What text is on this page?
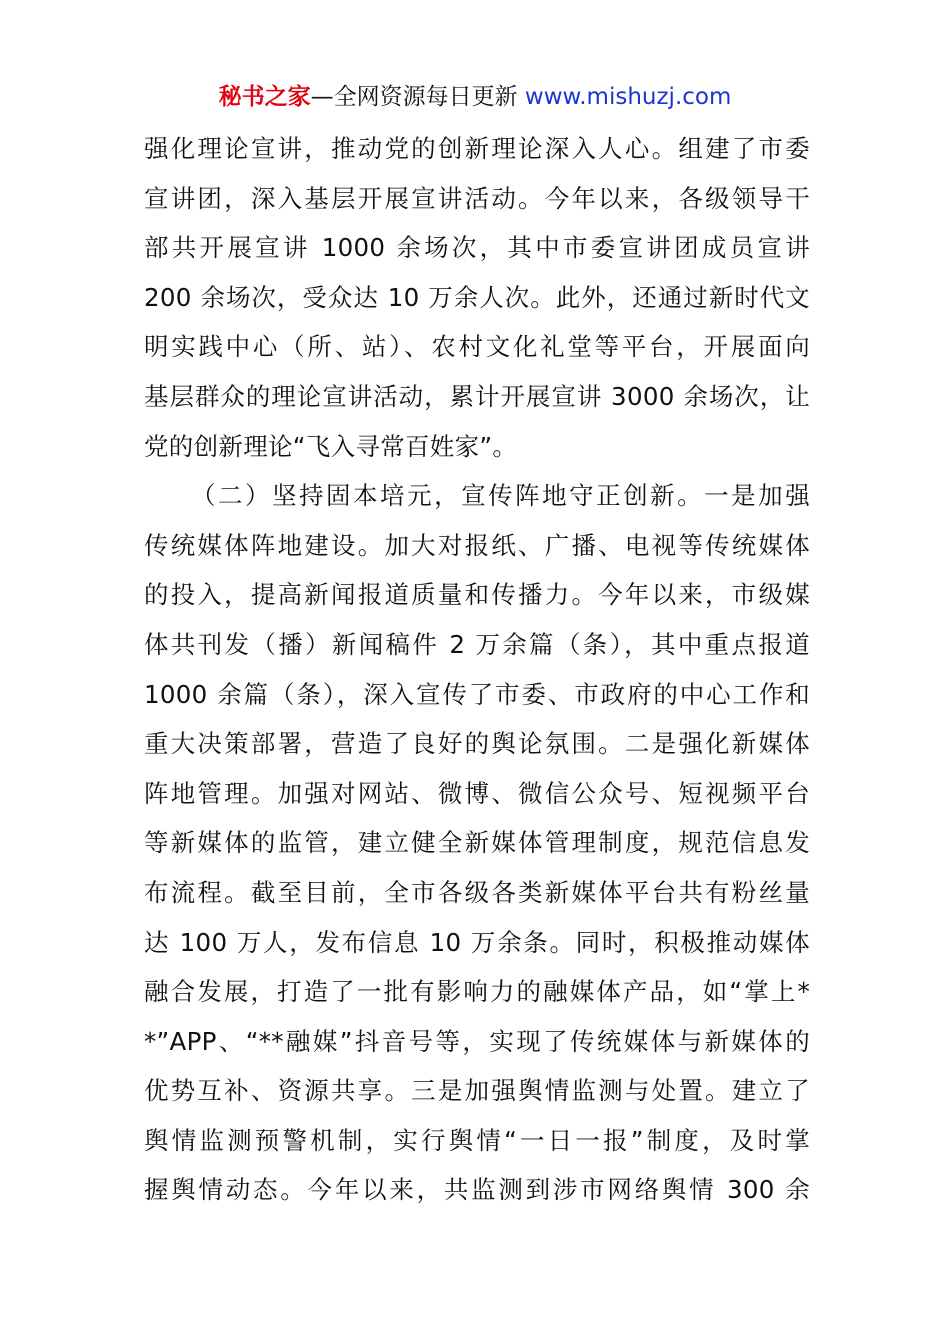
秘书之家—全网资源每日更新 www.mishuzj.com
强化理论宣讲，推动党的创新理论深入人心。组建了市委
宣讲团，深入基层开展宣讲活动。今年以来，各级领导干
部共开展宣讲 1000 余场次，其中市委宣讲团成员宣讲
200 余场次，受众达 10 万余人次。此外，还通过新时代文
明实践中心（所、站）、农村文化礼堂等平台，开展面向
基层群众的理论宣讲活动，累计开展宣讲 3000 余场次，让
党的创新理论“飞入寻常百姓家”。
（二）坚持固本培元，宣传阵地守正创新。一是加强
传统媒体阵地建设。加大对报纸、广播、电视等传统媒体
的投入，提高新闻报道质量和传播力。今年以来，市级媒
体共刊发（播）新闻稿件 2 万余篇（条），其中重点报道
1000 余篇（条），深入宣传了市委、市政府的中心工作和
重大决策部署，营造了良好的舆论氛围。二是强化新媒体
阵地管理。加强对网站、微博、微信公众号、短视频平台
等新媒体的监管，建立健全新媒体管理制度，规范信息发
布流程。截至目前，全市各级各类新媒体平台共有粉丝量
达 100 万人，发布信息 10 万余条。同时，积极推动媒体
融合发展，打造了一批有影响力的融媒体产品，如“掌上*
*”APP、“**融媒”抖音号等，实现了传统媒体与新媒体的
优势互补、资源共享。三是加强舆情监测与处置。建立了
舆情监测预警机制，实行舆情“一日一报”制度，及时掌
握舆情动态。今年以来，共监测到涉市网络舆情 300 余
